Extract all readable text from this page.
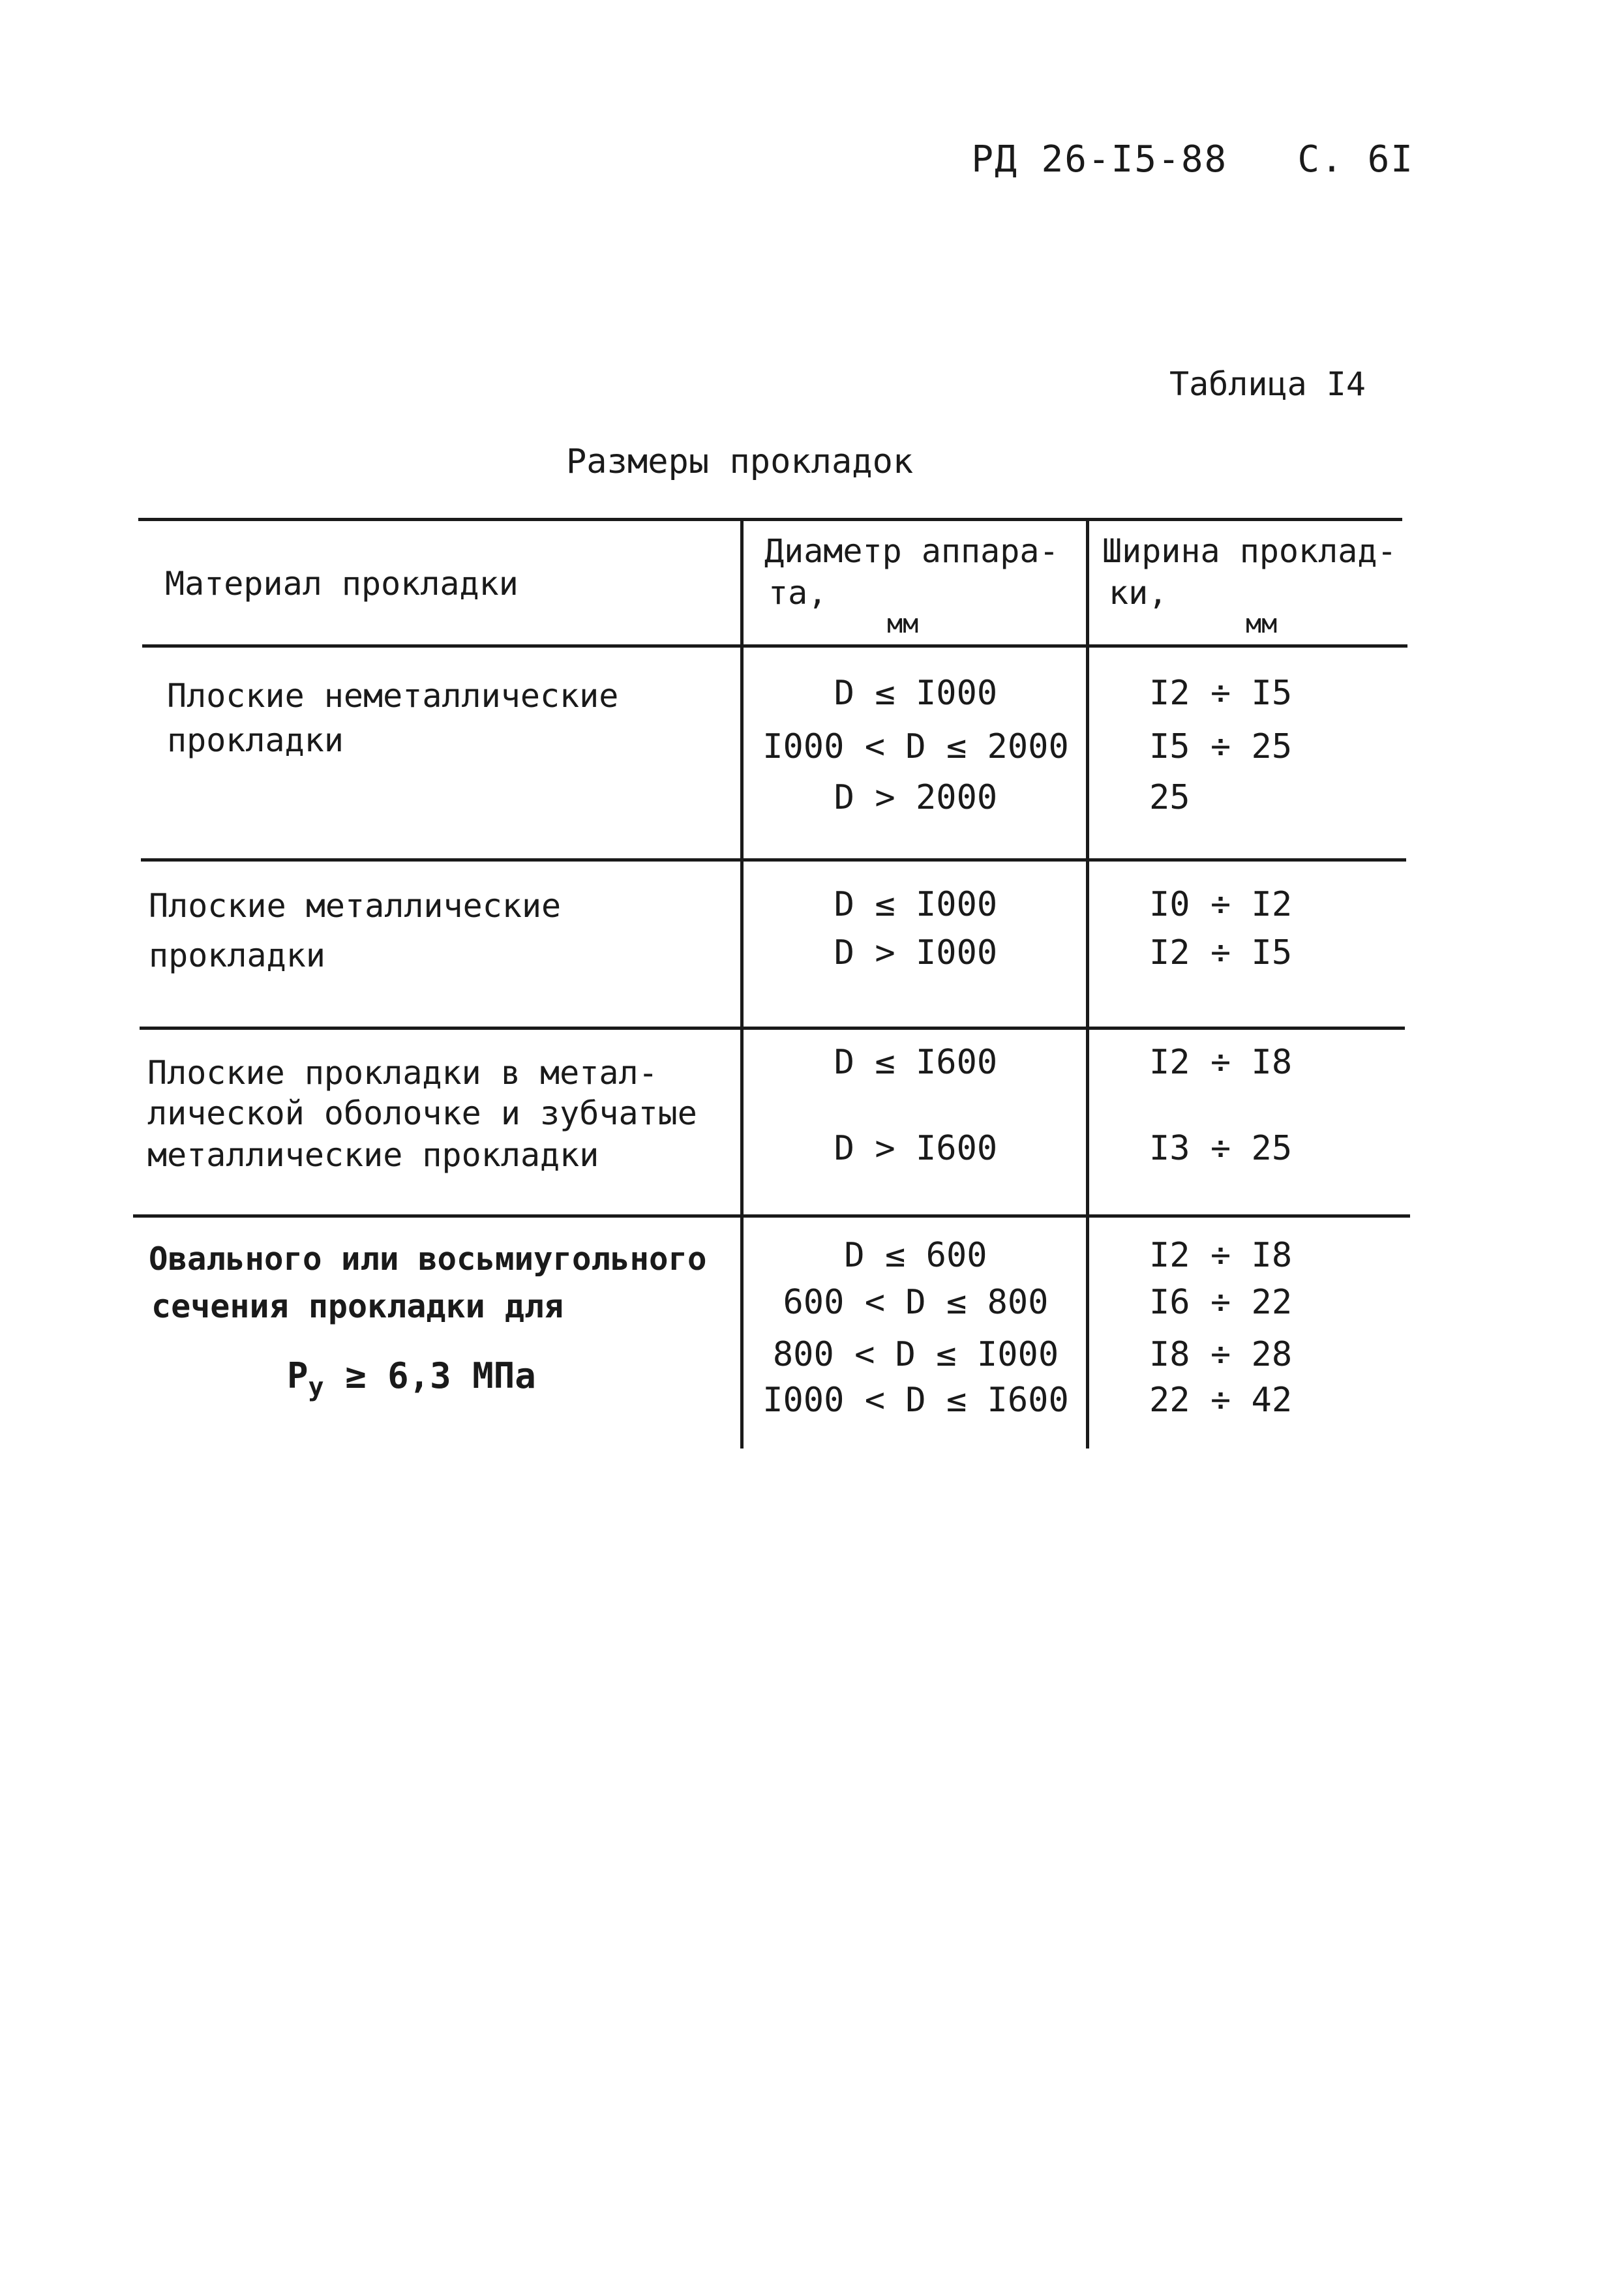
РД 26-I5-88 С. 6I
Таблица I4
Размеры прокладок
Материал прокладки
Диаметр аппара-
та,
мм
Ширина проклад-
ки,
мм
Плоские неметаллические
прокладки
D ≤ I000
I000 < D ≤ 2000
D > 2000
I2 ÷ I5
I5 ÷ 25
25
Плоские металлические
прокладки
D ≤ I000
D > I000
I0 ÷ I2
I2 ÷ I5
Плоские прокладки в метал-
лической оболочке и зубчатые
металлические прокладки
D ≤ I600
D > I600
I2 ÷ I8
I3 ÷ 25
Овального или восьмиугольного
сечения прокладки для
$P_у \ge 6,3$ МПа
D ≤ 600
600 < D ≤ 800
800 < D ≤ I000
I000 < D ≤ I600
I2 ÷ I8
I6 ÷ 22
I8 ÷ 28
22 ÷ 42
